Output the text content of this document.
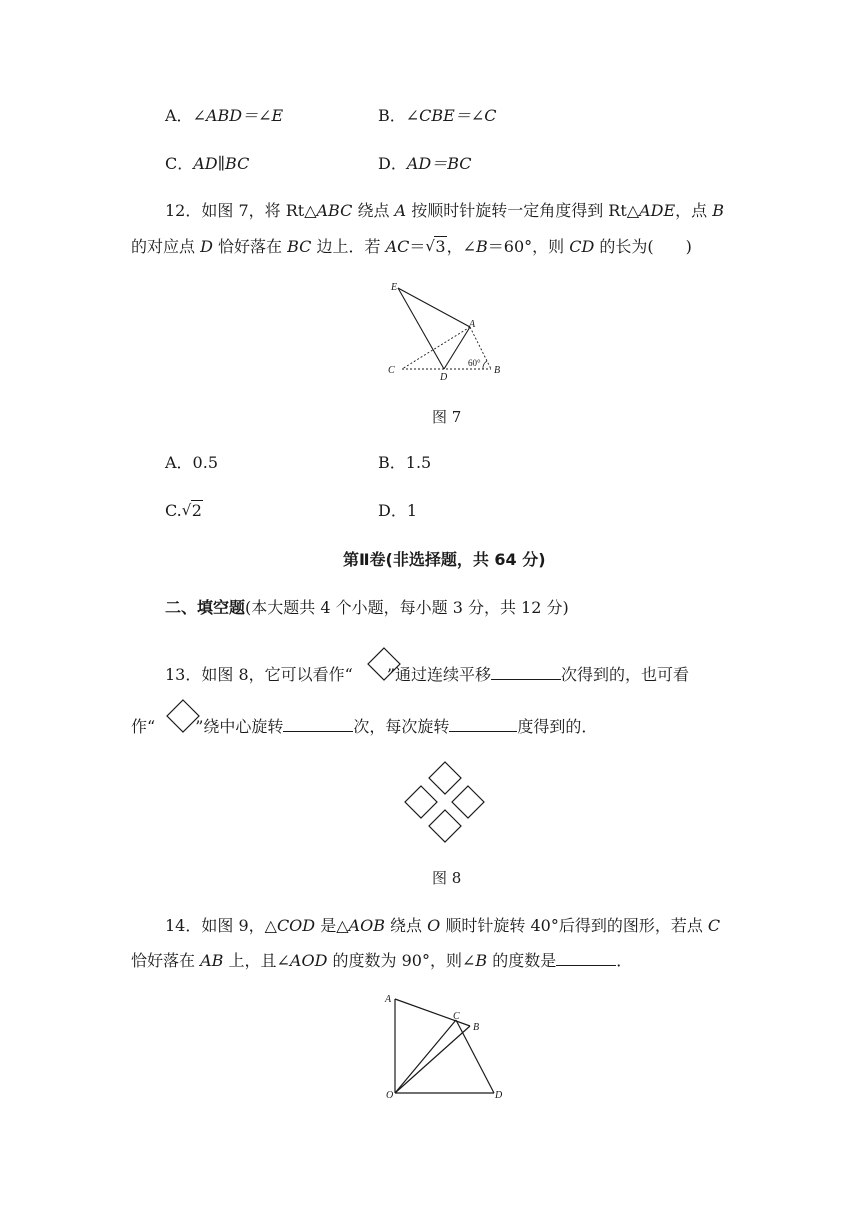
A．∠ABD＝∠E	B．∠CBE＝∠C
C．AD∥BC	D．AD＝BC
12．如图 7，将 Rt△ABC 绕点 A 按顺时针旋转一定角度得到 Rt△ADE，点 B
的对应点 D 恰好落在 BC 边上．若 AC＝ √ 3，∠B＝60°，则 CD 的长为(　　)
E
A
C
D
B
60°
图 7
A．0.5	B．1.5
C. √ 2	D．1
第Ⅱ卷(非选择题，共 64 分)
二、填空题(本大题共 4 个小题，每小题 3 分，共 12 分)
13．如图 8，它可以看作“ ”通过连续平移	次得到的，也可看
作“	”绕中心旋转	次，每次旋转	度得到的．
图 8
14．如图 9，△COD 是△AOB 绕点 O 顺时针旋转 40°后得到的图形，若点 C
恰好落在 AB 上，且∠AOD 的度数为 90°，则∠B 的度数是	．
A
C
B
O	D
